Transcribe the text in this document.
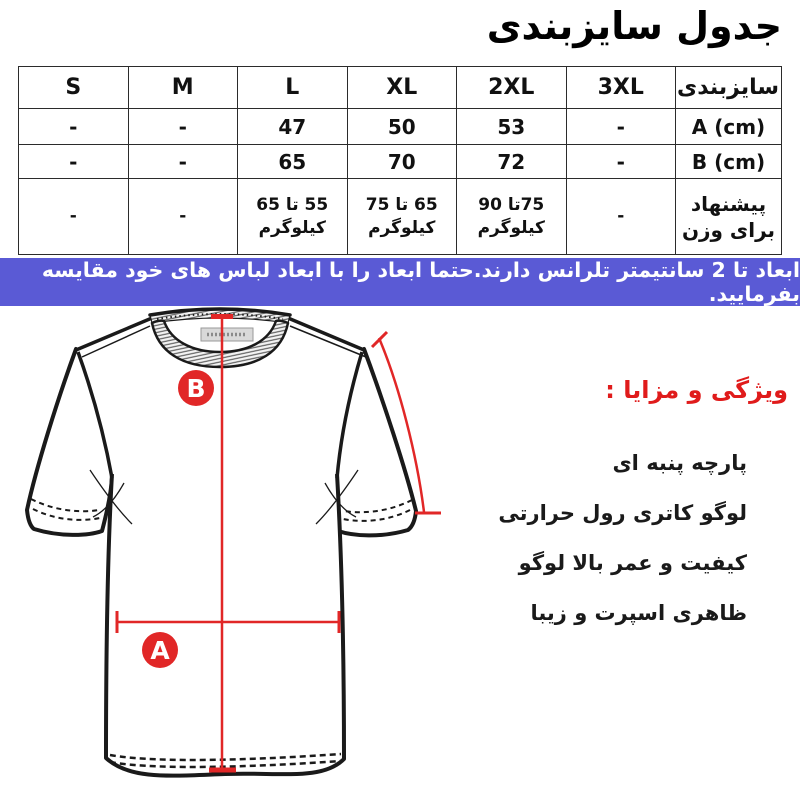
جدول سایزبندی
سایزبندی	3XL	2XL	XL	L	M	S
A (cm)	-	53	50	47	-	-
B (cm)	-	72	70	65	-	-
پیشنهاد برای وزن	-	75تا 90 کیلوگرم	65 تا 75 کیلوگرم	55 تا 65 کیلوگرم	-	-
ابعاد تا 2 سانتیمتر تلرانس دارند.حتما ابعاد را با ابعاد لباس های خود مقایسه بفرمایید.
B
A
ویژگی و مزایا :
پارچه پنبه ای
لوگو کاتری رول حرارتی
کیفیت و عمر بالا لوگو
ظاهری اسپرت و زیبا
